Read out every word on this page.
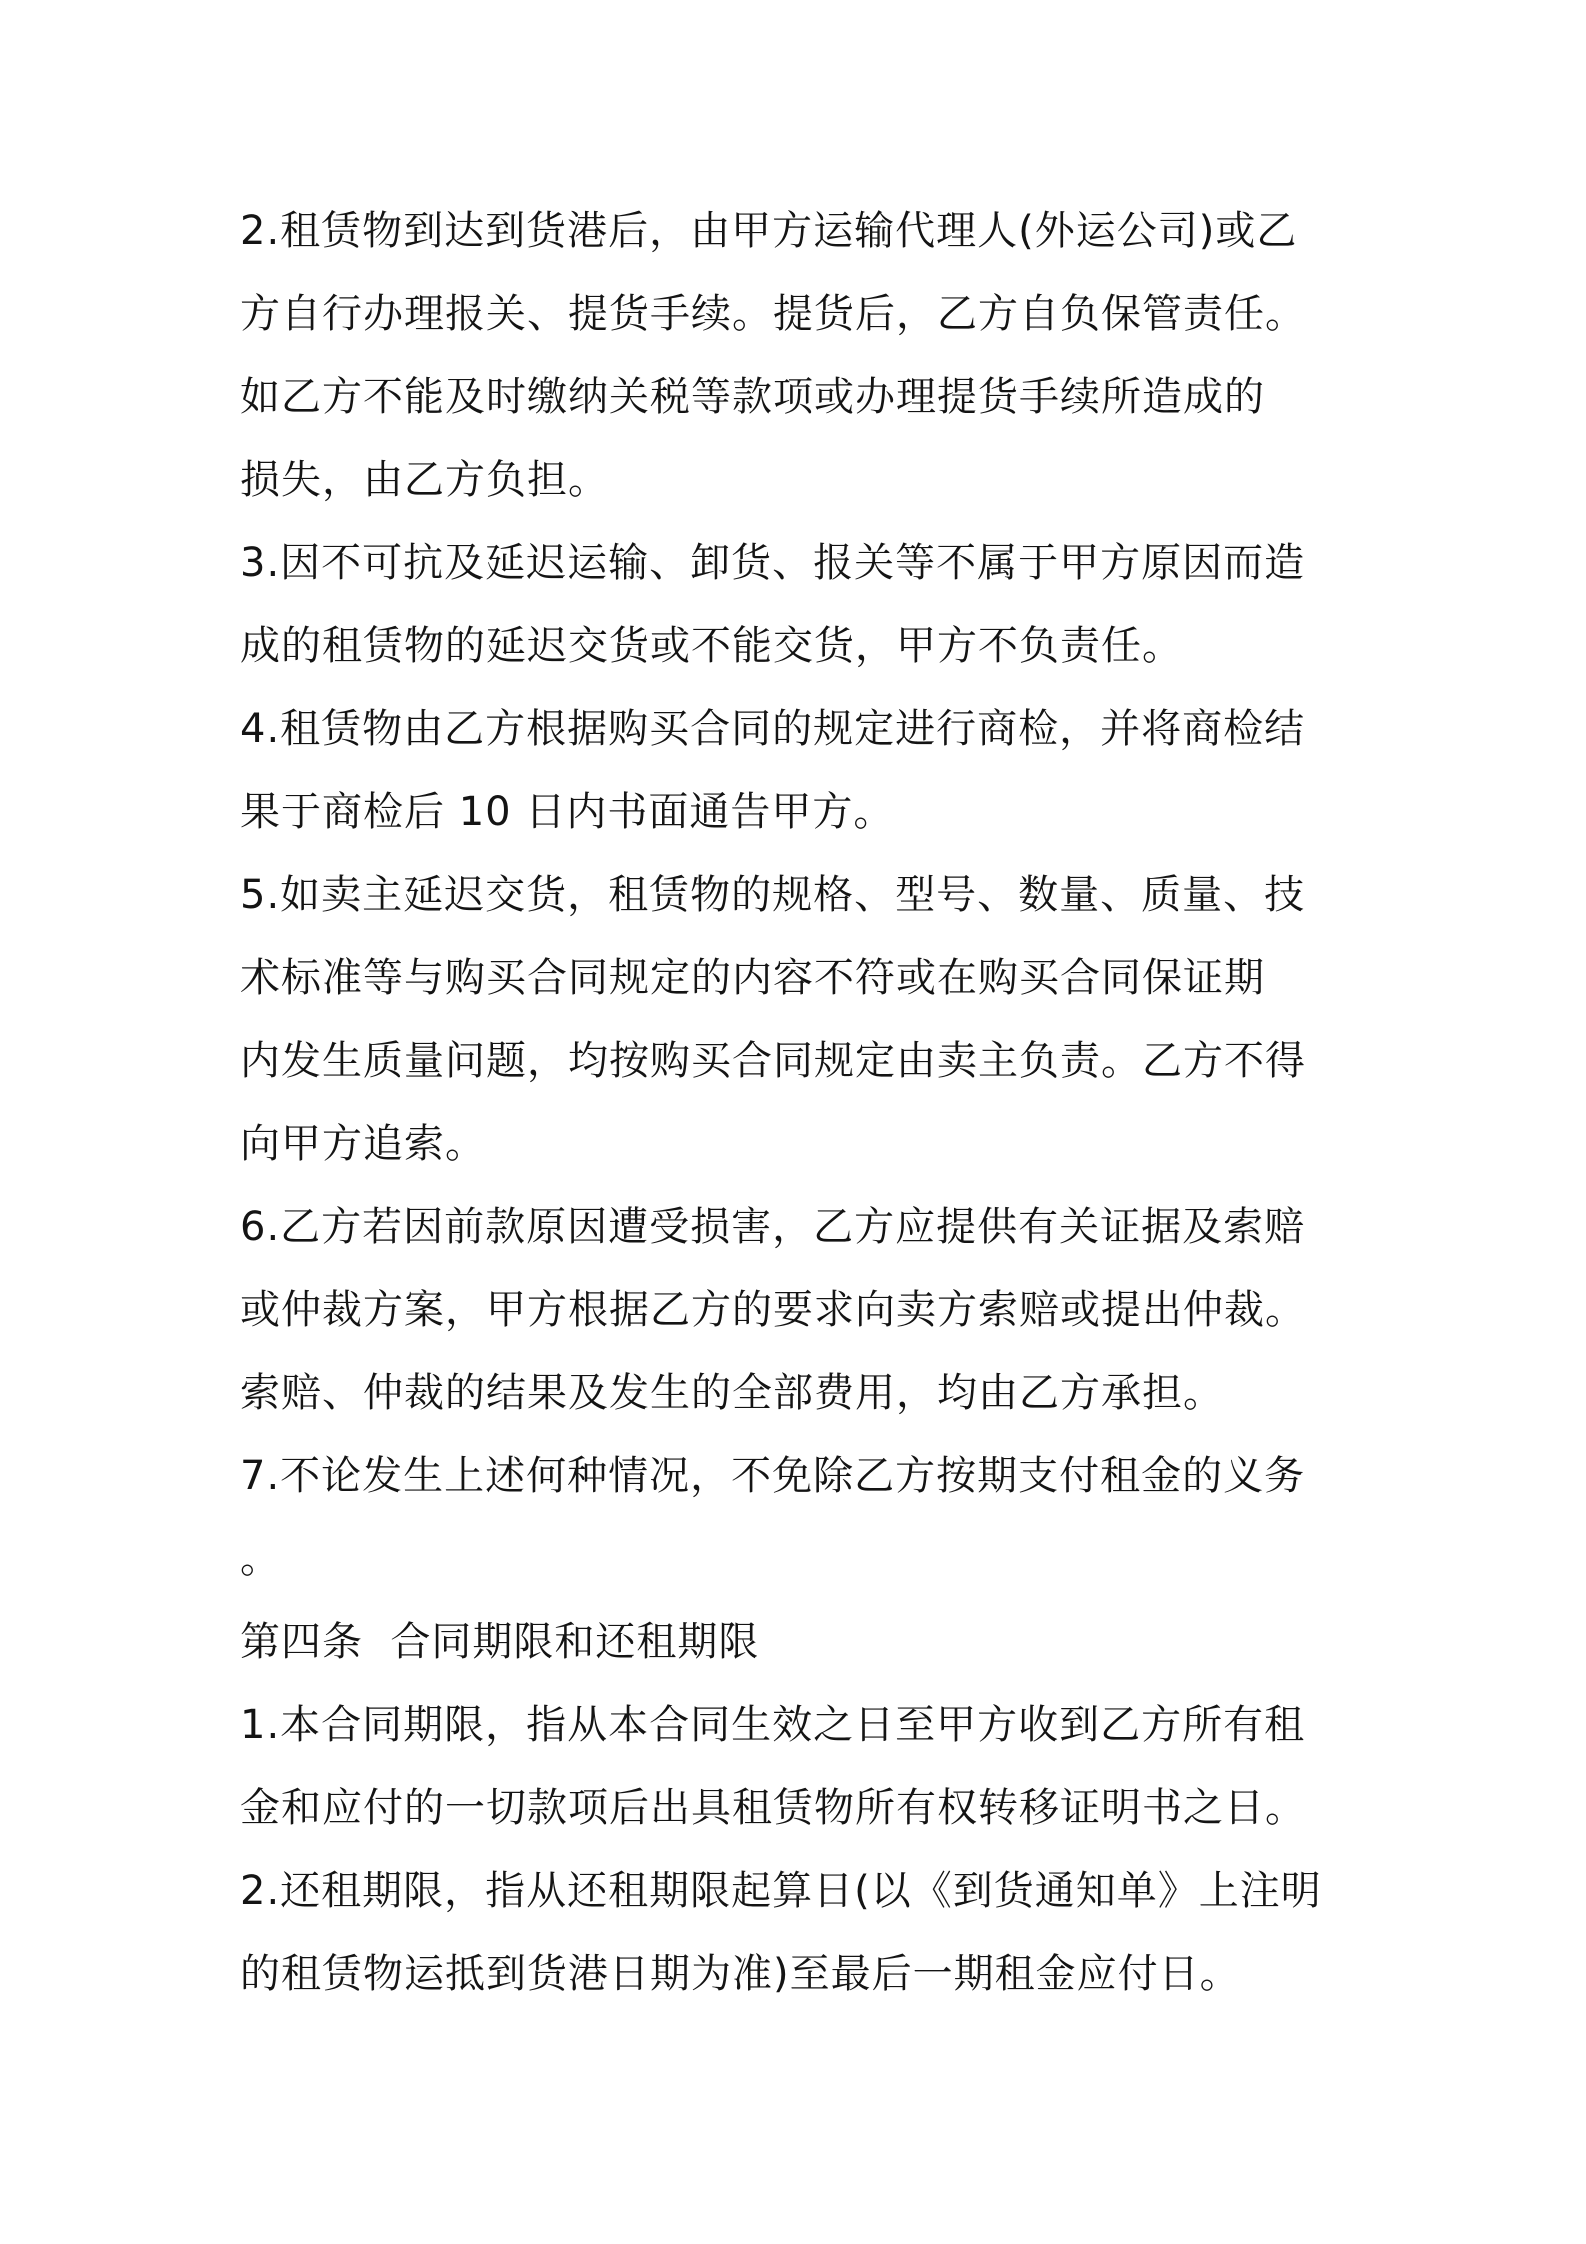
2.租赁物到达到货港后，由甲方运输代理人(外运公司)或乙
方自行办理报关、提货手续。提货后，乙方自负保管责任。
如乙方不能及时缴纳关税等款项或办理提货手续所造成的
损失，由乙方负担。
3.因不可抗及延迟运输、卸货、报关等不属于甲方原因而造
成的租赁物的延迟交货或不能交货，甲方不负责任。
4.租赁物由乙方根据购买合同的规定进行商检，并将商检结
果于商检后 10 日内书面通告甲方。
5.如卖主延迟交货，租赁物的规格、型号、数量、质量、技
术标准等与购买合同规定的内容不符或在购买合同保证期
内发生质量问题，均按购买合同规定由卖主负责。乙方不得
向甲方追索。
6.乙方若因前款原因遭受损害，乙方应提供有关证据及索赔
或仲裁方案，甲方根据乙方的要求向卖方索赔或提出仲裁。
索赔、仲裁的结果及发生的全部费用，均由乙方承担。
7.不论发生上述何种情况，不免除乙方按期支付租金的义务
。
第四条  合同期限和还租期限
1.本合同期限，指从本合同生效之日至甲方收到乙方所有租
金和应付的一切款项后出具租赁物所有权转移证明书之日。
2.还租期限，指从还租期限起算日(以《到货通知单》上注明
的租赁物运抵到货港日期为准)至最后一期租金应付日。
